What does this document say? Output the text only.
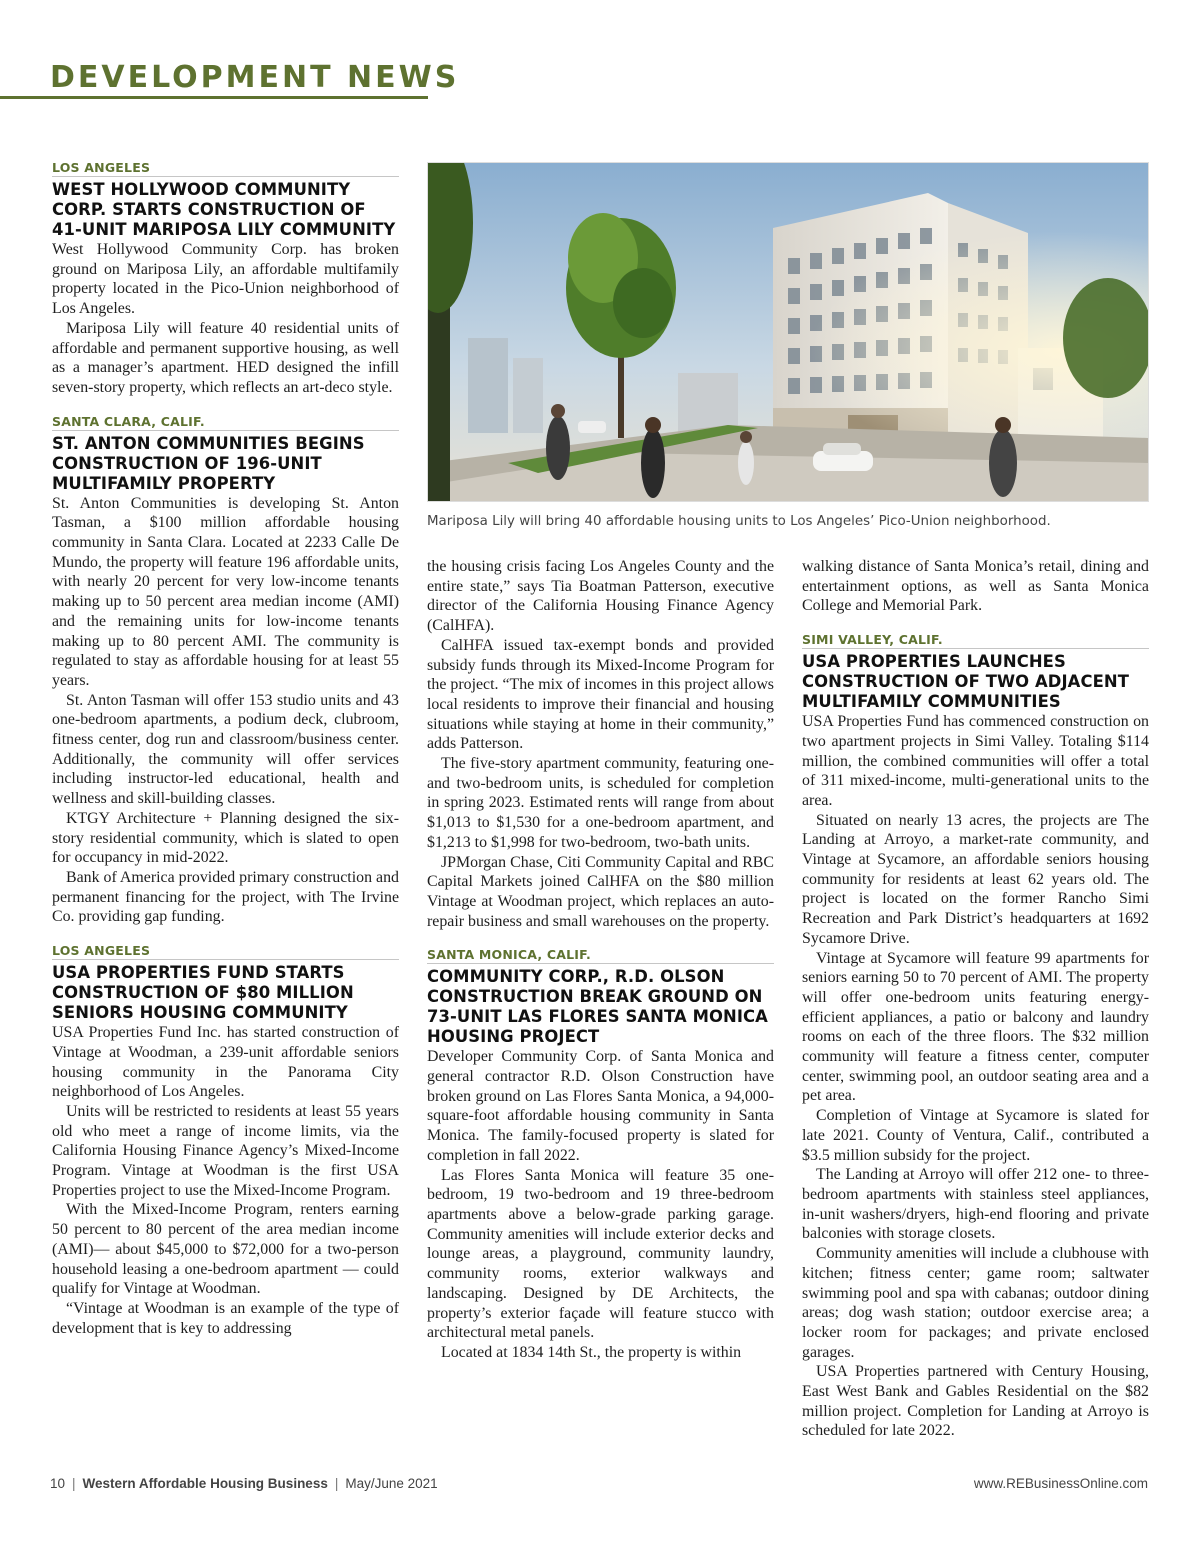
DEVELOPMENT NEWS
LOS ANGELES
WEST HOLLYWOOD COMMUNITY CORP. STARTS CONSTRUCTION OF 41-UNIT MARIPOSA LILY COMMUNITY

West Hollywood Community Corp. has broken ground on Mariposa Lily, an affordable multifamily property located in the Pico-Union neighborhood of Los Angeles.

Mariposa Lily will feature 40 residential units of affordable and permanent supportive housing, as well as a manager’s apartment. HED designed the infill seven-story property, which reflects an art-deco style.

SANTA CLARA, CALIF.
ST. ANTON COMMUNITIES BEGINS CONSTRUCTION OF 196-UNIT MULTIFAMILY PROPERTY

St. Anton Communities is developing St. Anton Tasman, a $100 million affordable housing community in Santa Clara. Located at 2233 Calle De Mundo, the property will feature 196 affordable units, with nearly 20 percent for very low-income tenants making up to 50 percent area median income (AMI) and the remaining units for low-income tenants making up to 80 percent AMI. The community is regulated to stay as affordable housing for at least 55 years.

St. Anton Tasman will offer 153 studio units and 43 one-bedroom apartments, a podium deck, clubroom, fitness center, dog run and classroom/business center. Additionally, the community will offer services including instructor-led educational, health and wellness and skill-building classes.

KTGY Architecture + Planning designed the six-story residential community, which is slated to open for occupancy in mid-2022.

Bank of America provided primary construction and permanent financing for the project, with The Irvine Co. providing gap funding.

LOS ANGELES
USA PROPERTIES FUND STARTS CONSTRUCTION OF $80 MILLION SENIORS HOUSING COMMUNITY

USA Properties Fund Inc. has started construction of Vintage at Woodman, a 239-unit affordable seniors housing community in the Panorama City neighborhood of Los Angeles.

Units will be restricted to residents at least 55 years old who meet a range of income limits, via the California Housing Finance Agency’s Mixed-Income Program. Vintage at Woodman is the first USA Properties project to use the Mixed-Income Program.

With the Mixed-Income Program, renters earning 50 percent to 80 percent of the area median income (AMI)— about $45,000 to $72,000 for a two-person household leasing a one-bedroom apartment — could qualify for Vintage at Woodman.

“Vintage at Woodman is an example of the type of development that is key to addressing

Mariposa Lily will bring 40 affordable housing units to Los Angeles’ Pico-Union neighborhood.

the housing crisis facing Los Angeles County and the entire state,” says Tia Boatman Patterson, executive director of the California Housing Finance Agency (CalHFA).

CalHFA issued tax-exempt bonds and provided subsidy funds through its Mixed-Income Program for the project. “The mix of incomes in this project allows local residents to improve their financial and housing situations while staying at home in their community,” adds Patterson.

The five-story apartment community, featuring one- and two-bedroom units, is scheduled for completion in spring 2023. Estimated rents will range from about $1,013 to $1,530 for a one-bedroom apartment, and $1,213 to $1,998 for two-bedroom, two-bath units.

JPMorgan Chase, Citi Community Capital and RBC Capital Markets joined CalHFA on the $80 million Vintage at Woodman project, which replaces an auto-repair business and small warehouses on the property.

SANTA MONICA, CALIF.
COMMUNITY CORP., R.D. OLSON CONSTRUCTION BREAK GROUND ON 73-UNIT LAS FLORES SANTA MONICA HOUSING PROJECT

Developer Community Corp. of Santa Monica and general contractor R.D. Olson Construction have broken ground on Las Flores Santa Monica, a 94,000-square-foot affordable housing community in Santa Monica. The family-focused property is slated for completion in fall 2022.

Las Flores Santa Monica will feature 35 one-bedroom, 19 two-bedroom and 19 three-bedroom apartments above a below-grade parking garage. Community amenities will include exterior decks and lounge areas, a playground, community laundry, community rooms, exterior walkways and landscaping. Designed by DE Architects, the property’s exterior façade will feature stucco with architectural metal panels.

Located at 1834 14th St., the property is within

walking distance of Santa Monica’s retail, dining and entertainment options, as well as Santa Monica College and Memorial Park.

SIMI VALLEY, CALIF.
USA PROPERTIES LAUNCHES CONSTRUCTION OF TWO ADJACENT MULTIFAMILY COMMUNITIES

USA Properties Fund has commenced construction on two apartment projects in Simi Valley. Totaling $114 million, the combined communities will offer a total of 311 mixed-income, multi-generational units to the area.

Situated on nearly 13 acres, the projects are The Landing at Arroyo, a market-rate community, and Vintage at Sycamore, an affordable seniors housing community for residents at least 62 years old. The project is located on the former Rancho Simi Recreation and Park District’s headquarters at 1692 Sycamore Drive.

Vintage at Sycamore will feature 99 apartments for seniors earning 50 to 70 percent of AMI. The property will offer one-bedroom units featuring energy-efficient appliances, a patio or balcony and laundry rooms on each of the three floors. The $32 million community will feature a fitness center, computer center, swimming pool, an outdoor seating area and a pet area.

Completion of Vintage at Sycamore is slated for late 2021. County of Ventura, Calif., contributed a $3.5 million subsidy for the project.

The Landing at Arroyo will offer 212 one- to three-bedroom apartments with stainless steel appliances, in-unit washers/dryers, high-end flooring and private balconies with storage closets.

Community amenities will include a clubhouse with kitchen; fitness center; game room; saltwater swimming pool and spa with cabanas; outdoor dining areas; dog wash station; outdoor exercise area; a locker room for packages; and private enclosed garages.

USA Properties partnered with Century Housing, East West Bank and Gables Residential on the $82 million project. Completion for Landing at Arroyo is scheduled for late 2022.

10 | Western Affordable Housing Business | May/June 2021	www.REBusinessOnline.com
